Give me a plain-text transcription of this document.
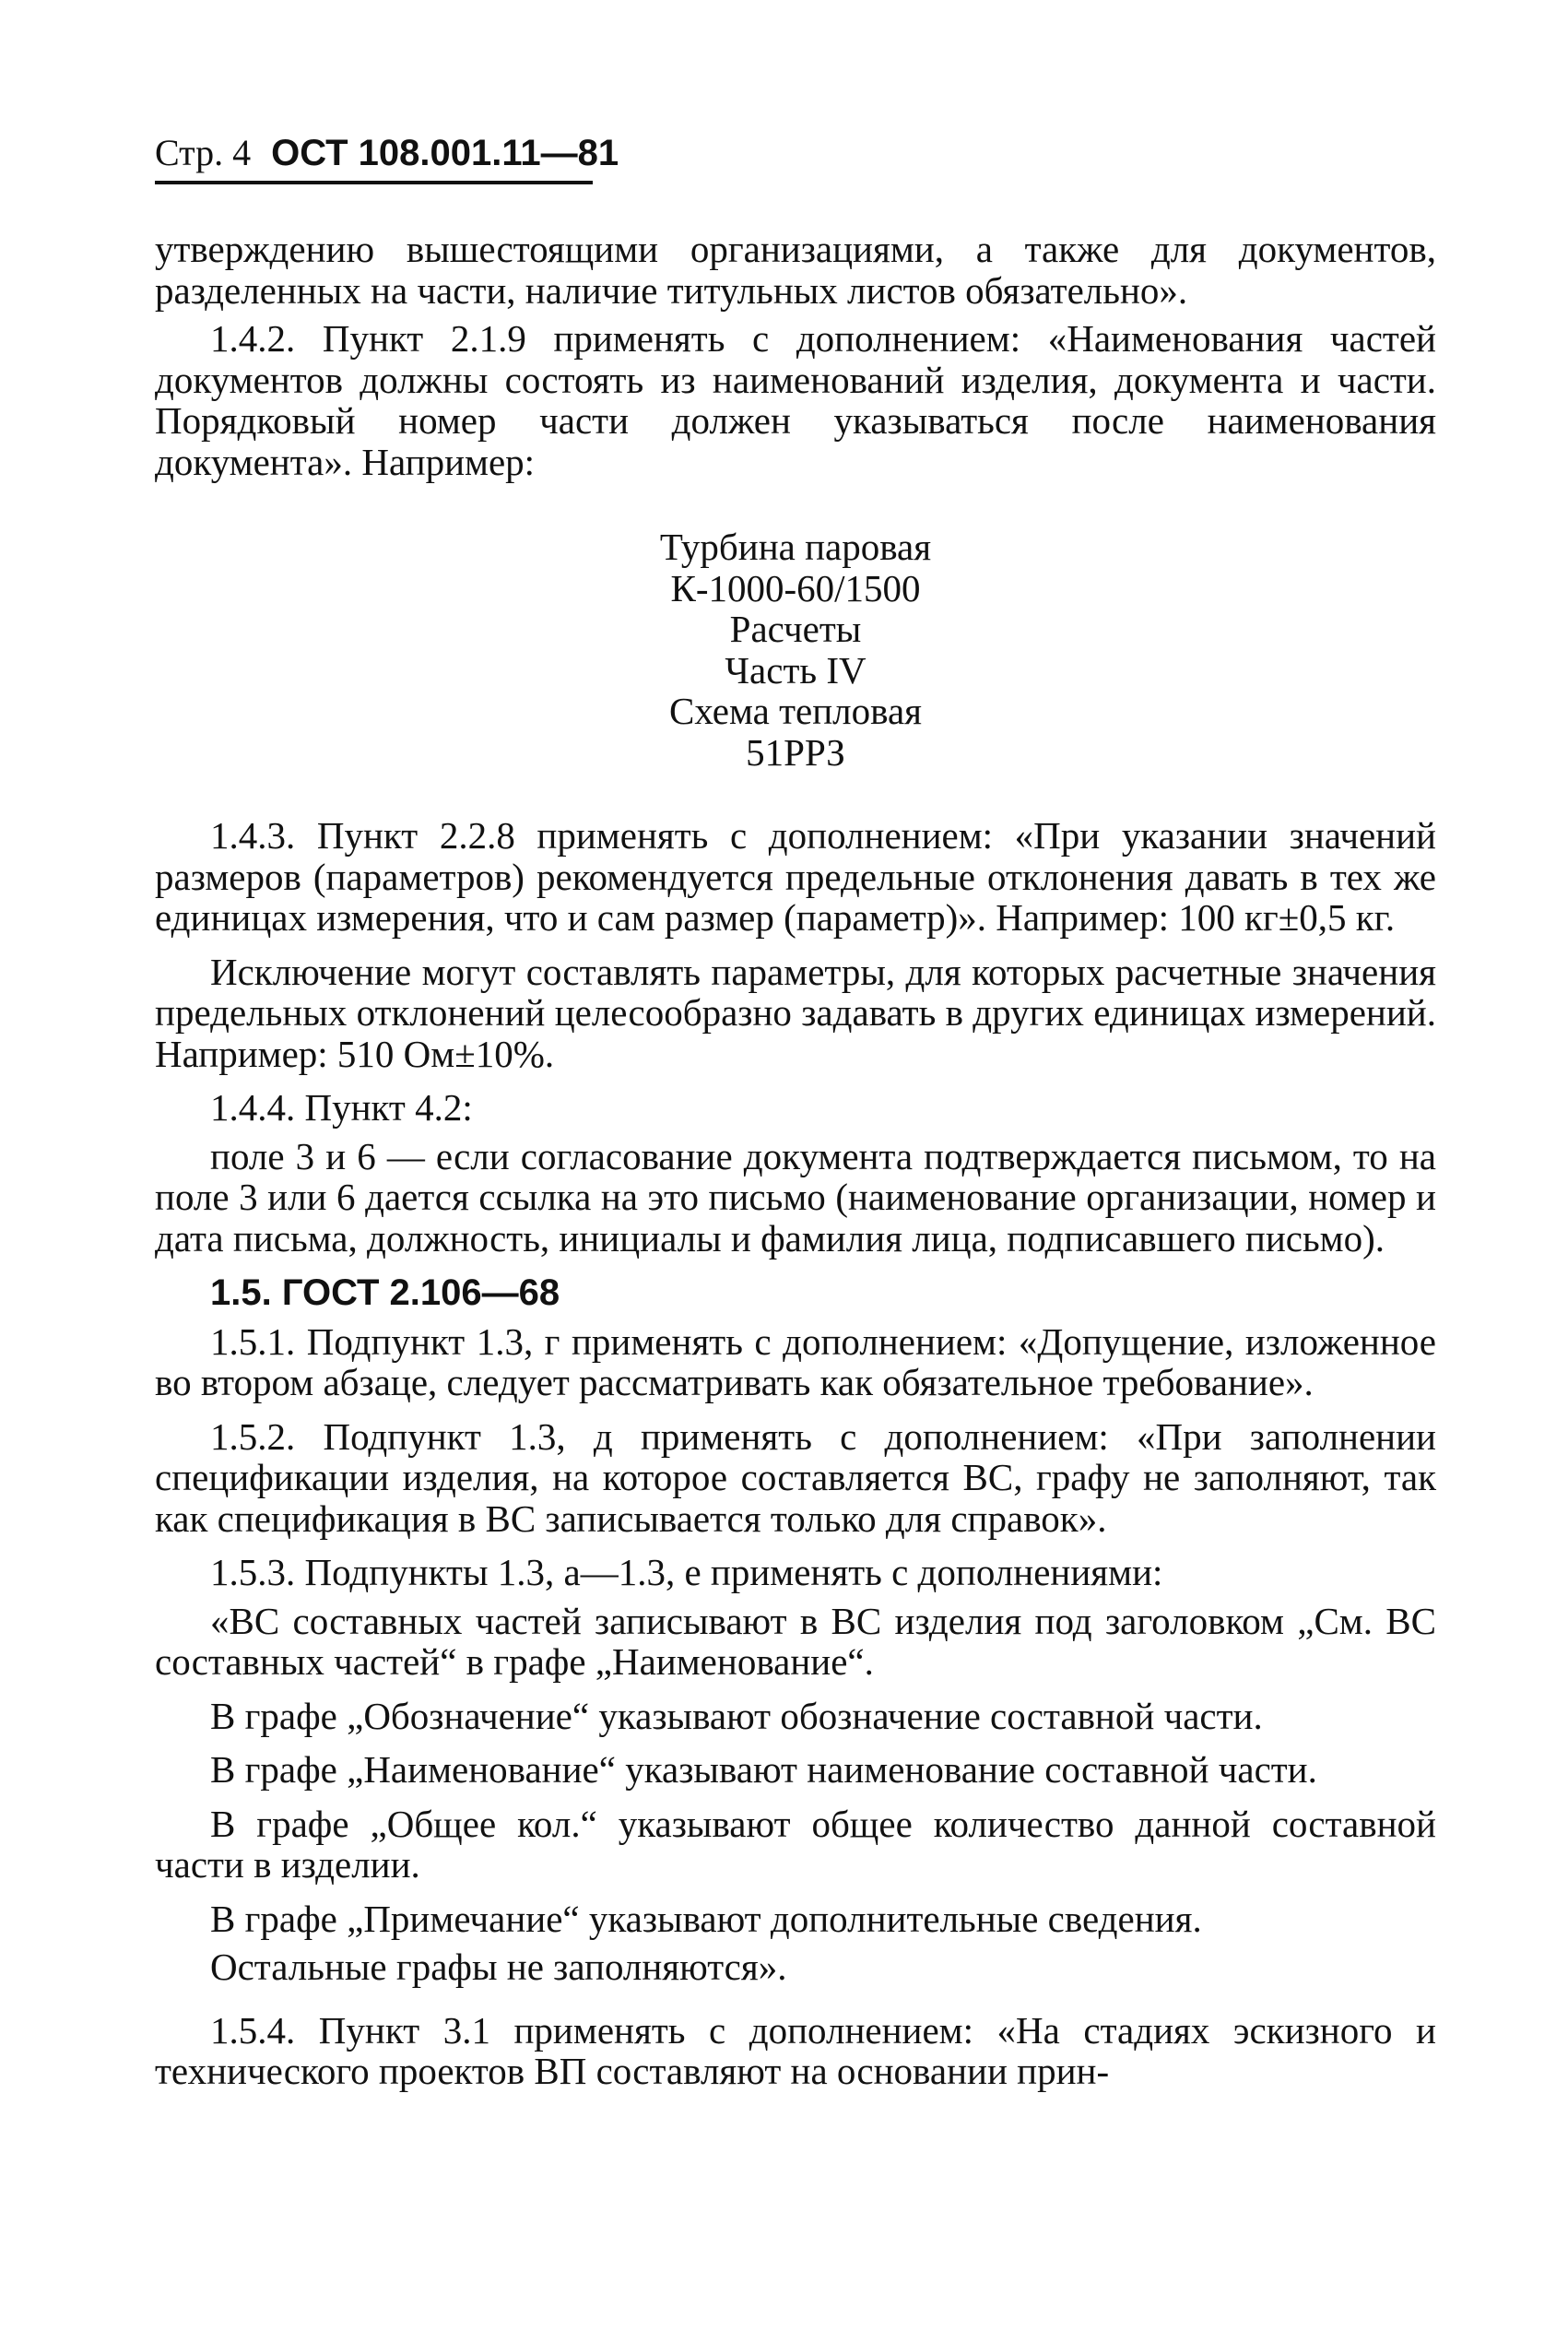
Стр. 4 ОСТ 108.001.11—81

утверждению вышестоящими организациями, а также для документов, разделенных на части, наличие титульных листов обязательно».

1.4.2. Пункт 2.1.9 применять с дополнением: «Наименования частей документов должны состоять из наименований изделия, документа и части. Порядковый номер части должен указываться после наименования документа». Например:

Турбина паровая
К-1000-60/1500
Расчеты
Часть IV
Схема тепловая
51РРЗ

1.4.3. Пункт 2.2.8 применять с дополнением: «При указании значений размеров (параметров) рекомендуется предельные отклонения давать в тех же единицах измерения, что и сам размер (параметр)». Например: 100 кг±0,5 кг.

Исключение могут составлять параметры, для которых расчетные значения предельных отклонений целесообразно задавать в других единицах измерений. Например: 510 Ом±10%.

1.4.4. Пункт 4.2:

поле 3 и 6 — если согласование документа подтверждается письмом, то на поле 3 или 6 дается ссылка на это письмо (наименование организации, номер и дата письма, должность, инициалы и фамилия лица, подписавшего письмо).

1.5. ГОСТ 2.106—68

1.5.1. Подпункт 1.3, г применять с дополнением: «Допущение, изложенное во втором абзаце, следует рассматривать как обязательное требование».

1.5.2. Подпункт 1.3, д применять с дополнением: «При заполнении спецификации изделия, на которое составляется ВС, графу не заполняют, так как спецификация в ВС записывается только для справок».

1.5.3. Подпункты 1.3, а—1.3, е применять с дополнениями:

«ВС составных частей записывают в ВС изделия под заголовком „См. ВС составных частей“ в графе „Наименование“.

В графе „Обозначение“ указывают обозначение составной части.

В графе „Наименование“ указывают наименование составной части.

В графе „Общее кол.“ указывают общее количество данной составной части в изделии.

В графе „Примечание“ указывают дополнительные сведения.

Остальные графы не заполняются».

1.5.4. Пункт 3.1 применять с дополнением: «На стадиях эскизного и технического проектов ВП составляют на основании прин-
